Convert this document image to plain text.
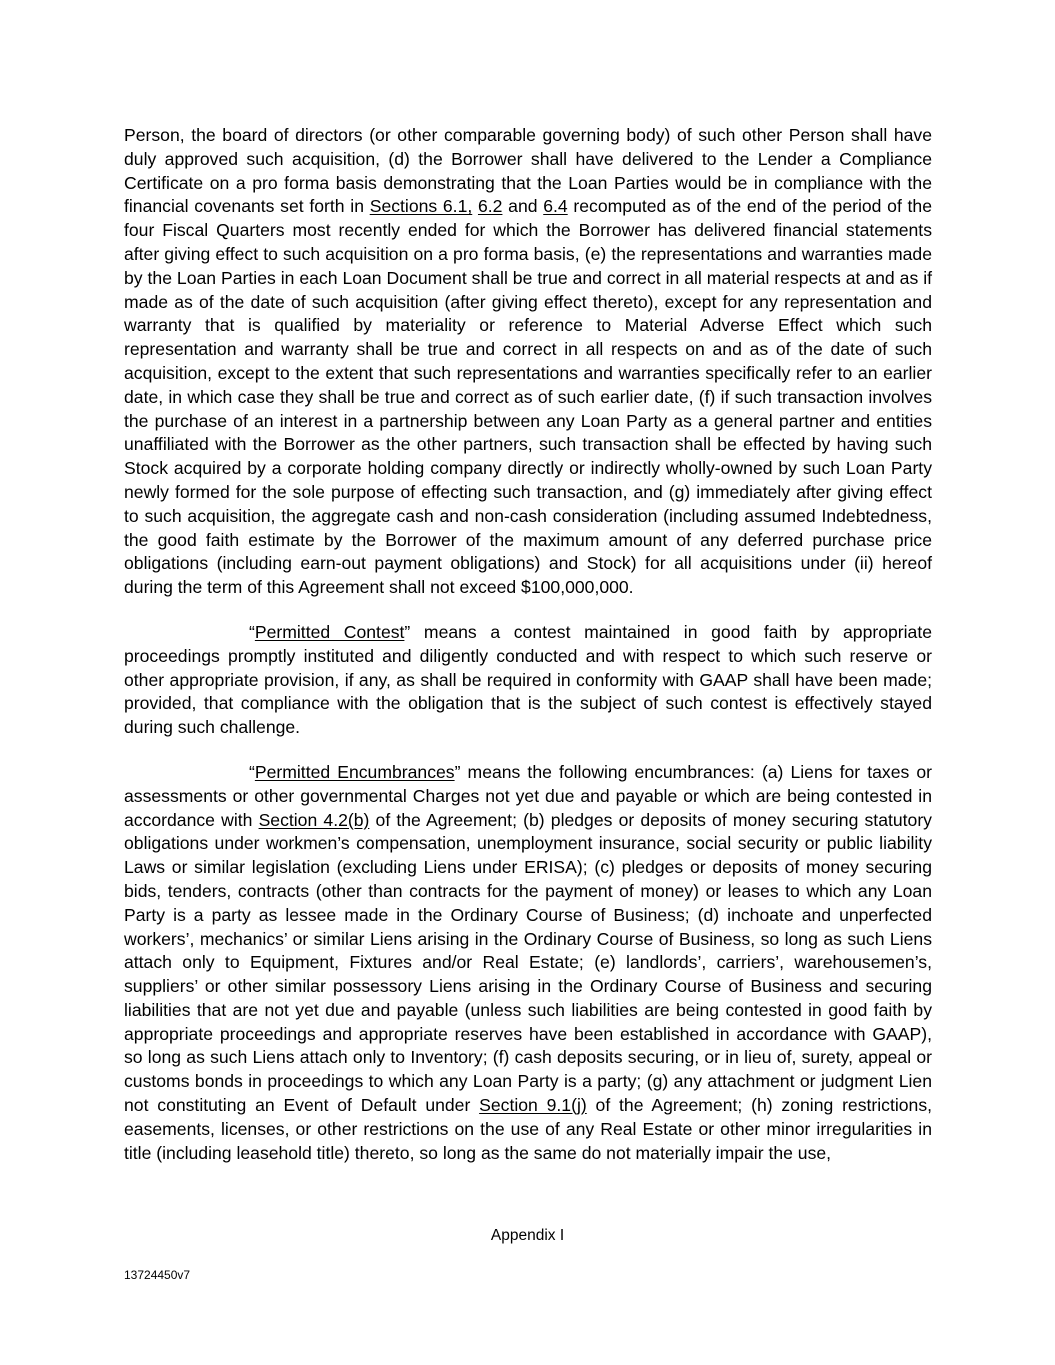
Person, the board of directors (or other comparable governing body) of such other Person shall have duly approved such acquisition, (d) the Borrower shall have delivered to the Lender a Compliance Certificate on a pro forma basis demonstrating that the Loan Parties would be in compliance with the financial covenants set forth in Sections 6.1, 6.2 and 6.4 recomputed as of the end of the period of the four Fiscal Quarters most recently ended for which the Borrower has delivered financial statements after giving effect to such acquisition on a pro forma basis, (e) the representations and warranties made by the Loan Parties in each Loan Document shall be true and correct in all material respects at and as if made as of the date of such acquisition (after giving effect thereto), except for any representation and warranty that is qualified by materiality or reference to Material Adverse Effect which such representation and warranty shall be true and correct in all respects on and as of the date of such acquisition, except to the extent that such representations and warranties specifically refer to an earlier date, in which case they shall be true and correct as of such earlier date, (f) if such transaction involves the purchase of an interest in a partnership between any Loan Party as a general partner and entities unaffiliated with the Borrower as the other partners, such transaction shall be effected by having such Stock acquired by a corporate holding company directly or indirectly wholly-owned by such Loan Party newly formed for the sole purpose of effecting such transaction, and (g) immediately after giving effect to such acquisition, the aggregate cash and non-cash consideration (including assumed Indebtedness, the good faith estimate by the Borrower of the maximum amount of any deferred purchase price obligations (including earn-out payment obligations) and Stock) for all acquisitions under (ii) hereof during the term of this Agreement shall not exceed $100,000,000.

“Permitted Contest” means a contest maintained in good faith by appropriate proceedings promptly instituted and diligently conducted and with respect to which such reserve or other appropriate provision, if any, as shall be required in conformity with GAAP shall have been made; provided, that compliance with the obligation that is the subject of such contest is effectively stayed during such challenge.

“Permitted Encumbrances” means the following encumbrances: (a) Liens for taxes or assessments or other governmental Charges not yet due and payable or which are being contested in accordance with Section 4.2(b) of the Agreement; (b) pledges or deposits of money securing statutory obligations under workmen’s compensation, unemployment insurance, social security or public liability Laws or similar legislation (excluding Liens under ERISA); (c) pledges or deposits of money securing bids, tenders, contracts (other than contracts for the payment of money) or leases to which any Loan Party is a party as lessee made in the Ordinary Course of Business; (d) inchoate and unperfected workers’, mechanics’ or similar Liens arising in the Ordinary Course of Business, so long as such Liens attach only to Equipment, Fixtures and/or Real Estate; (e) landlords’, carriers’, warehousemen’s, suppliers’ or other similar possessory Liens arising in the Ordinary Course of Business and securing liabilities that are not yet due and payable (unless such liabilities are being contested in good faith by appropriate proceedings and appropriate reserves have been established in accordance with GAAP), so long as such Liens attach only to Inventory; (f) cash deposits securing, or in lieu of, surety, appeal or customs bonds in proceedings to which any Loan Party is a party; (g) any attachment or judgment Lien not constituting an Event of Default under Section 9.1(j) of the Agreement; (h) zoning restrictions, easements, licenses, or other restrictions on the use of any Real Estate or other minor irregularities in title (including leasehold title) thereto, so long as the same do not materially impair the use,

Appendix I
13724450v7
